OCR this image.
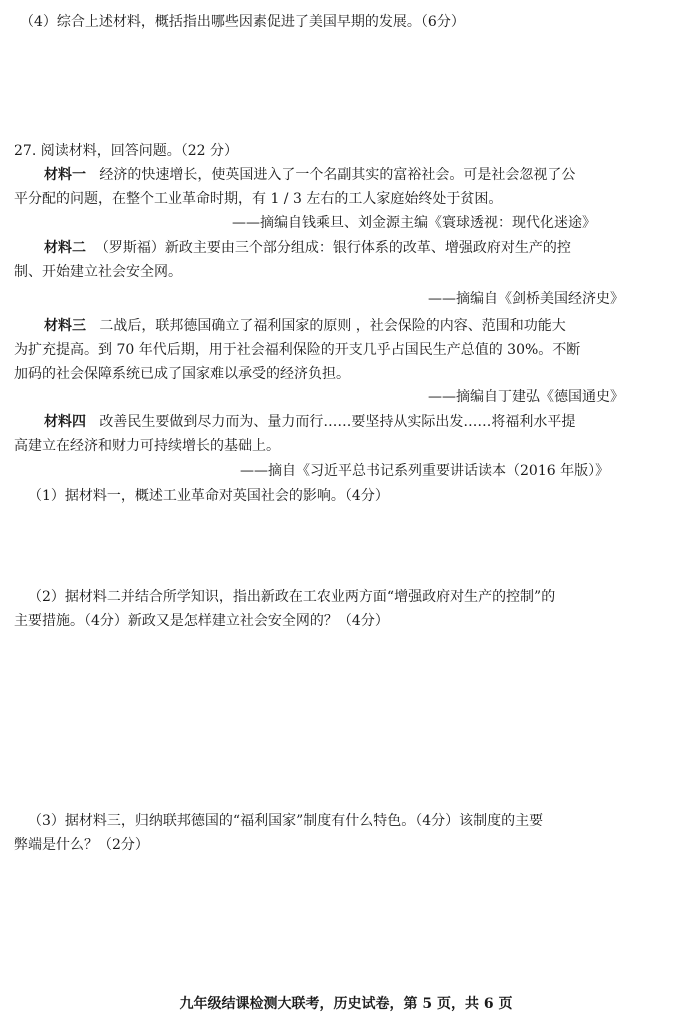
（4）综合上述材料，概括指出哪些因素促进了美国早期的发展。（6分）
27. 阅读材料，回答问题。（22 分）
材料一 经济的快速增长，使英国进入了一个名副其实的富裕社会。可是社会忽视了公
平分配的问题，在整个工业革命时期，有 1 / 3 左右的工人家庭始终处于贫困。
——摘编自钱乘旦、刘金源主编《寰球透视：现代化迷途》
材料二 （罗斯福）新政主要由三个部分组成：银行体系的改革、增强政府对生产的控
制、开始建立社会安全网。
——摘编自《剑桥美国经济史》
材料三 二战后，联邦德国确立了福利国家的原则 ，社会保险的内容、范围和功能大
为扩充提高。到 70 年代后期，用于社会福利保险的开支几乎占国民生产总值的 30%。不断
加码的社会保障系统已成了国家难以承受的经济负担。
——摘编自丁建弘《德国通史》
材料四 改善民生要做到尽力而为、量力而行……要坚持从实际出发……将福利水平提
高建立在经济和财力可持续增长的基础上。
——摘自《习近平总书记系列重要讲话读本（2016 年版）》
（1）据材料一，概述工业革命对英国社会的影响。（4分）
（2）据材料二并结合所学知识，指出新政在工农业两方面“增强政府对生产的控制”的
主要措施。（4分）新政又是怎样建立社会安全网的？（4分）
（3）据材料三，归纳联邦德国的“福利国家”制度有什么特色。（4分）该制度的主要
弊端是什么？（2分）
九年级结课检测大联考，历史试卷，第 5 页，共 6 页
